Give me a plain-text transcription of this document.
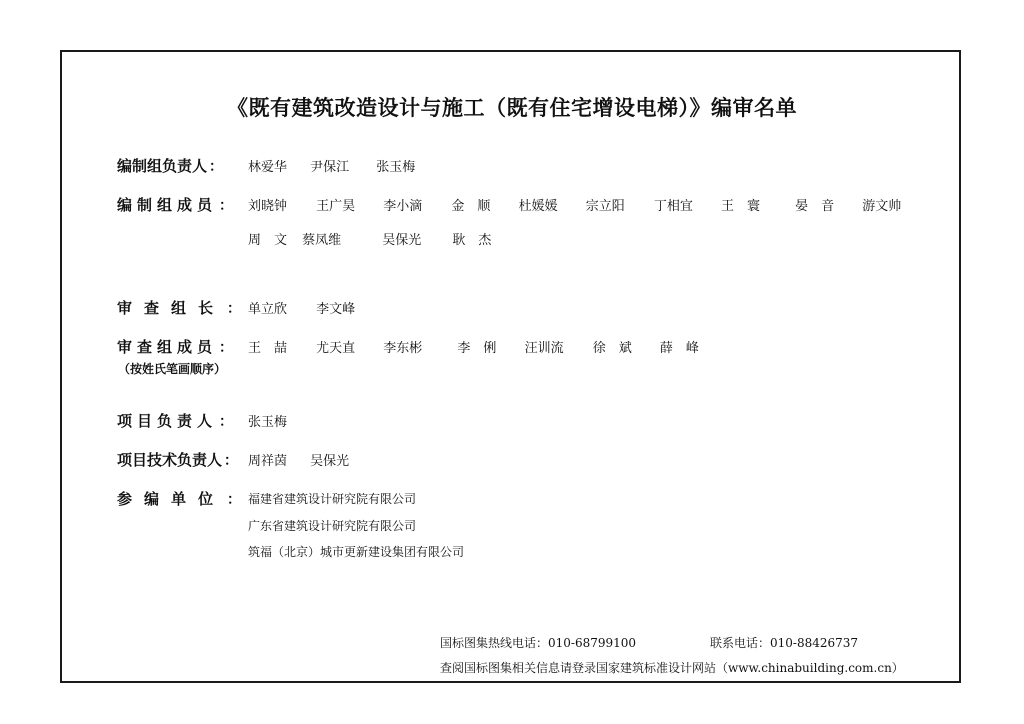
《既有建筑改造设计与施工（既有住宅增设电梯）》编审名单
编制组负责人 ： 林爱华 尹保江 张玉梅
编制组成员 ： 刘晓钟 王广昊 李小滴 金　顺 杜媛媛 宗立阳 丁相宜 王　寰	晏　音 游文帅
周　文 蔡凤维	吴保光 耿　杰
审查组长 ： 单立欣 李文峰
审查组成员 ：
（按姓氏笔画顺序）
王　喆 尤天直 李东彬	李　俐 汪训流 徐　斌 薛　峰
项目负责人 ： 张玉梅
项目技术负责人 ： 周祥茵 吴保光
参编单位 ： 福建省建筑设计研究院有限公司
广东省建筑设计研究院有限公司
筑福（北京）城市更新建设集团有限公司
国标图集热线电话：010-68799100	联系电话：010-88426737
查阅国标图集相关信息请登录国家建筑标准设计网站（www.chinabuilding.com.cn）
